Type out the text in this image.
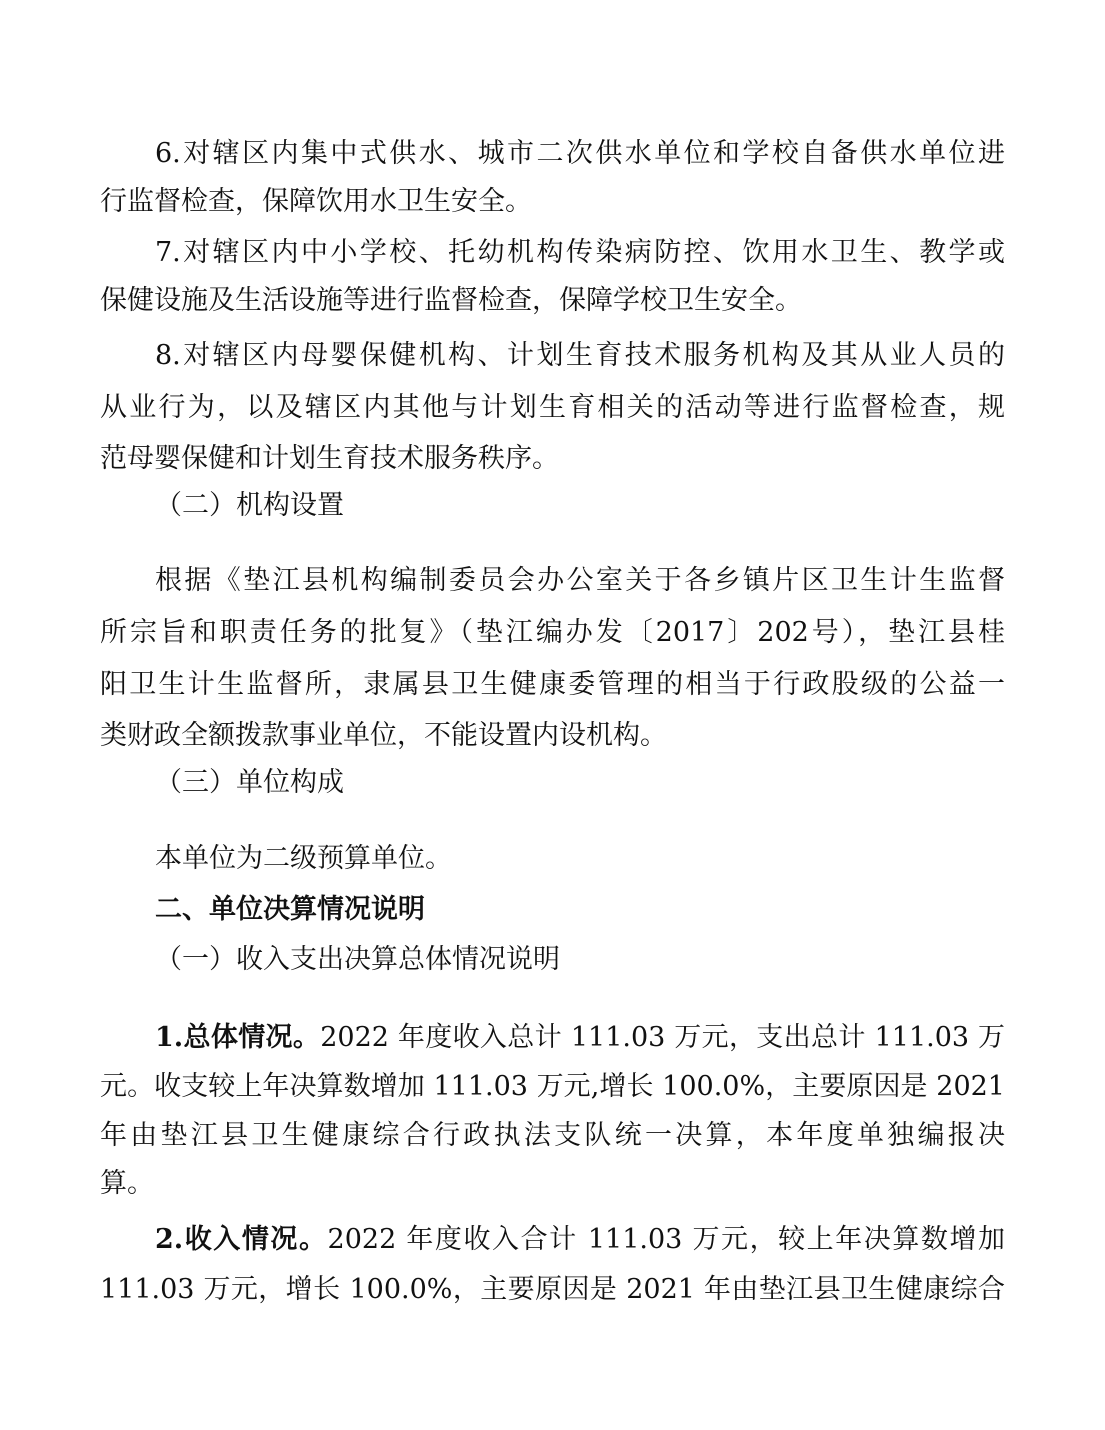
6.对辖区内集中式供水、城市二次供水单位和学校自备供水单位进
行监督检查，保障饮用水卫生安全。
7.对辖区内中小学校、托幼机构传染病防控、饮用水卫生、教学或
保健设施及生活设施等进行监督检查，保障学校卫生安全。
8.对辖区内母婴保健机构、计划生育技术服务机构及其从业人员的
从业行为，以及辖区内其他与计划生育相关的活动等进行监督检查，规
范母婴保健和计划生育技术服务秩序。
（二）机构设置
根据《垫江县机构编制委员会办公室关于各乡镇片区卫生计生监督
所宗旨和职责任务的批复》（垫江编办发〔2017〕202号），垫江县桂
阳卫生计生监督所，隶属县卫生健康委管理的相当于行政股级的公益一
类财政全额拨款事业单位，不能设置内设机构。
（三）单位构成
本单位为二级预算单位。
二、单位决算情况说明
（一）收入支出决算总体情况说明
1.总体情况。2022 年度收入总计 111.03 万元，支出总计 111.03 万
元。收支较上年决算数增加 111.03 万元,增长 100.0%，主要原因是 2021
年由垫江县卫生健康综合行政执法支队统一决算，本年度单独编报决
算。
2.收入情况。2022 年度收入合计 111.03 万元，较上年决算数增加
111.03 万元，增长 100.0%，主要原因是 2021 年由垫江县卫生健康综合
